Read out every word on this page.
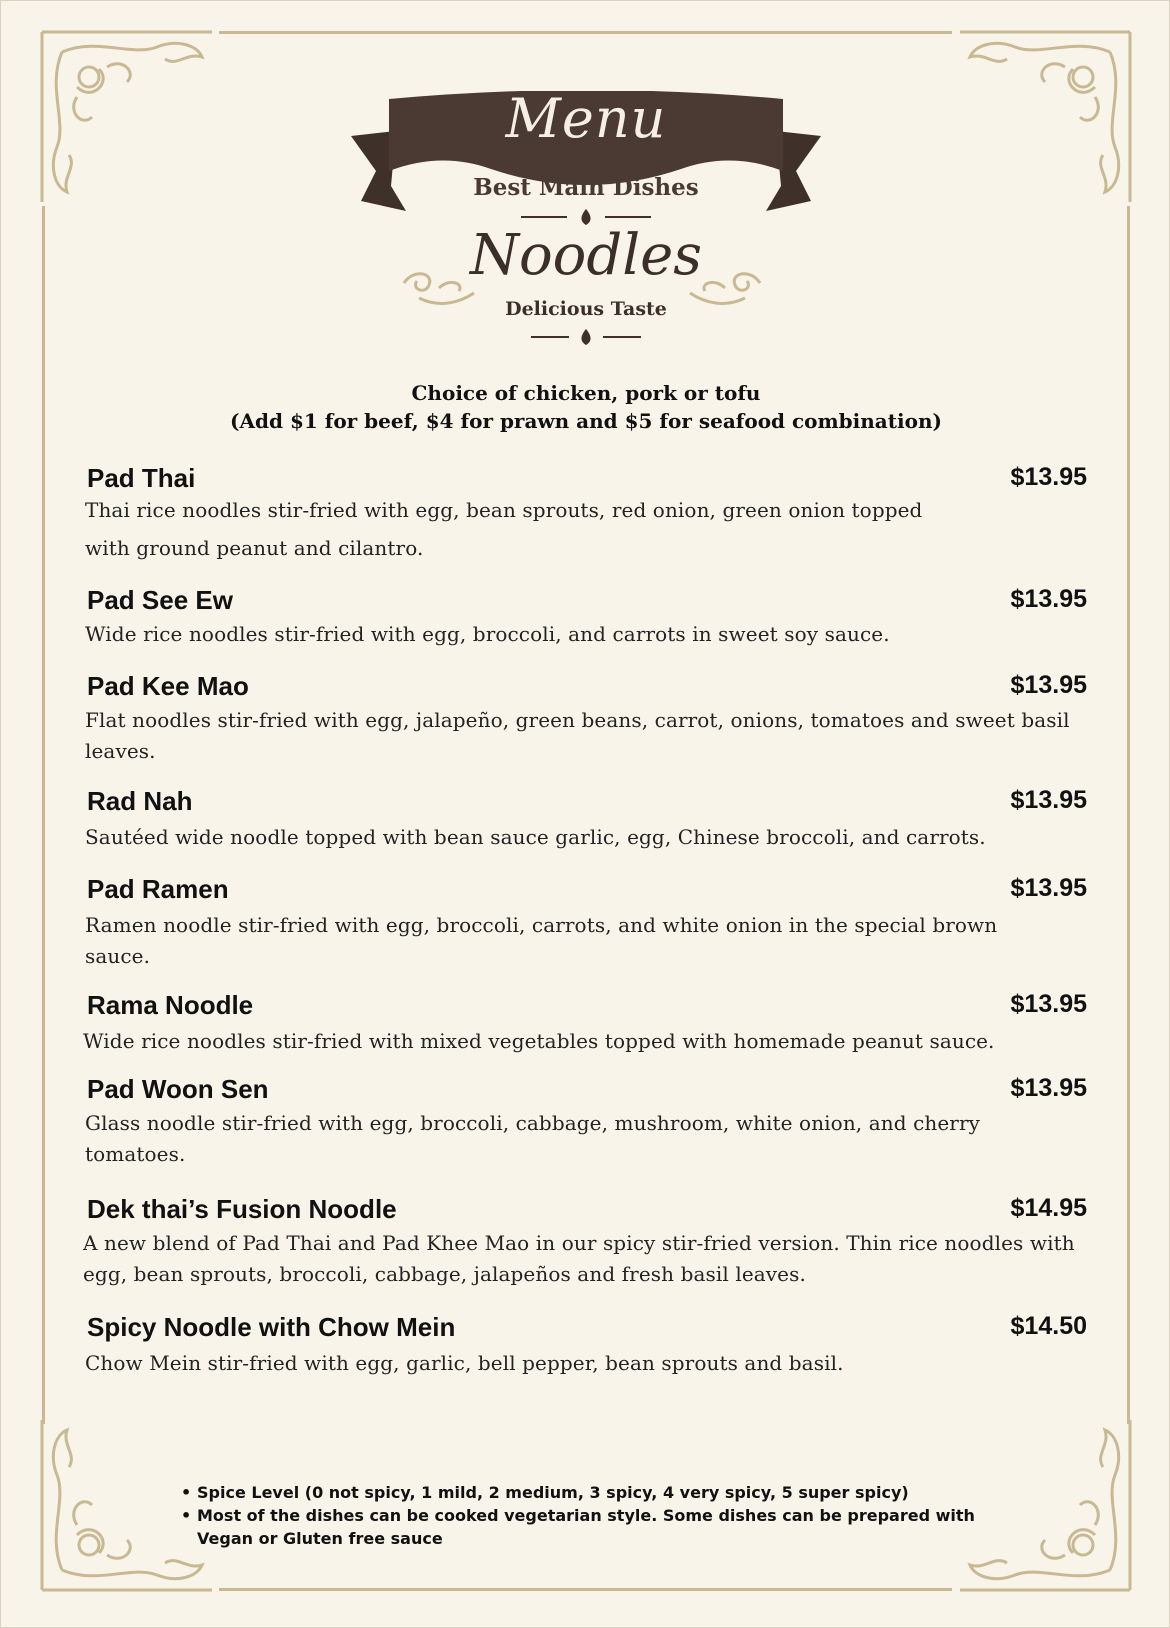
Menu
Best Main Dishes
Noodles
Delicious Taste
Choice of chicken, pork or tofu
(Add $1 for beef, $4 for prawn and $5 for seafood combination)
Pad Thai	$13.95
Thai rice noodles stir-fried with egg, bean sprouts, red onion, green onion topped with ground peanut and cilantro.
Pad See Ew	$13.95
Wide rice noodles stir-fried with egg, broccoli, and carrots in sweet soy sauce.
Pad Kee Mao	$13.95
Flat noodles stir-fried with egg, jalapeño, green beans, carrot, onions, tomatoes and sweet basil leaves.
Rad Nah	$13.95
Sautéed wide noodle topped with bean sauce garlic, egg, Chinese broccoli, and carrots.
Pad Ramen	$13.95
Ramen noodle stir-fried with egg, broccoli, carrots, and white onion in the special brown sauce.
Rama Noodle	$13.95
Wide rice noodles stir-fried with mixed vegetables topped with homemade peanut sauce.
Pad Woon Sen	$13.95
Glass noodle stir-fried with egg, broccoli, cabbage, mushroom, white onion, and cherry tomatoes.
Dek thai’s Fusion Noodle	$14.95
A new blend of Pad Thai and Pad Khee Mao in our spicy stir-fried version. Thin rice noodles with egg, bean sprouts, broccoli, cabbage, jalapeños and fresh basil leaves.
Spicy Noodle with Chow Mein	$14.50
Chow Mein stir-fried with egg, garlic, bell pepper, bean sprouts and basil.
• Spice Level (0 not spicy, 1 mild, 2 medium, 3 spicy, 4 very spicy, 5 super spicy)
• Most of the dishes can be cooked vegetarian style. Some dishes can be prepared with Vegan or Gluten free sauce
